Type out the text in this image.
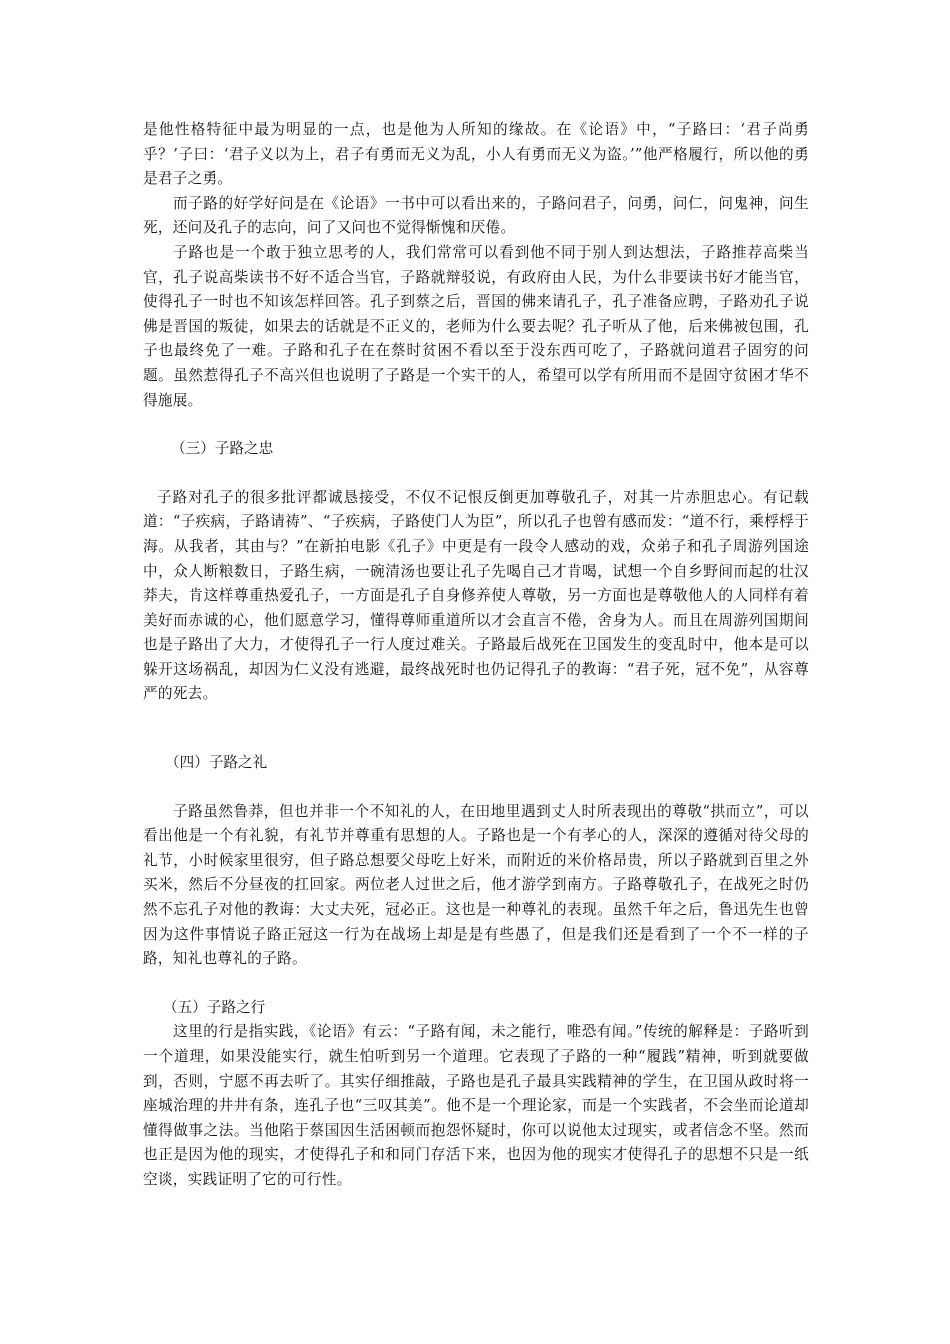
是他性格特征中最为明显的一点，也是他为人所知的缘故。在《论语》中，“子路曰：‘君子尚勇乎？’子曰：‘君子义以为上，君子有勇而无义为乱，小人有勇而无义为盗。’”他严格履行，所以他的勇是君子之勇。

而子路的好学好问是在《论语》一书中可以看出来的，子路问君子，问勇，问仁，问鬼神，问生死，还问及孔子的志向，问了又问也不觉得惭愧和厌倦。

子路也是一个敢于独立思考的人，我们常常可以看到他不同于别人到达想法，子路推荐高柴当官，孔子说高柴读书不好不适合当官，子路就辩驳说，有政府由人民，为什么非要读书好才能当官，使得孔子一时也不知该怎样回答。孔子到蔡之后，晋国的佛来请孔子，孔子准备应聘，子路劝孔子说佛是晋国的叛徒，如果去的话就是不正义的，老师为什么要去呢？孔子听从了他，后来佛被包围，孔子也最终免了一难。子路和孔子在在蔡时贫困不看以至于没东西可吃了，子路就问道君子固穷的问题。虽然惹得孔子不高兴但也说明了子路是一个实干的人，希望可以学有所用而不是固守贫困才华不得施展。

（三）子路之忠

子路对孔子的很多批评都诚恳接受，不仅不记恨反倒更加尊敬孔子，对其一片赤胆忠心。有记载道：“子疾病，子路请祷”、“子疾病，子路使门人为臣”，所以孔子也曾有感而发：“道不行，乘桴桴于海。从我者，其由与？”在新拍电影《孔子》中更是有一段令人感动的戏，众弟子和孔子周游列国途中，众人断粮数日，子路生病，一碗清汤也要让孔子先喝自己才肯喝，试想一个自乡野间而起的壮汉莽夫，肯这样尊重热爱孔子，一方面是孔子自身修养使人尊敬，另一方面也是尊敬他人的人同样有着美好而赤诚的心，他们愿意学习，懂得尊师重道所以才会直言不倦，舍身为人。而且在周游列国期间也是子路出了大力，才使得孔子一行人度过难关。子路最后战死在卫国发生的变乱时中，他本是可以躲开这场祸乱，却因为仁义没有逃避，最终战死时也仍记得孔子的教诲：“君子死，冠不免”，从容尊严的死去。

（四）子路之礼

子路虽然鲁莽，但也并非一个不知礼的人，在田地里遇到丈人时所表现出的尊敬“拱而立”，可以看出他是一个有礼貌，有礼节并尊重有思想的人。子路也是一个有孝心的人，深深的遵循对待父母的礼节，小时候家里很穷，但子路总想要父母吃上好米，而附近的米价格昂贵，所以子路就到百里之外买米，然后不分昼夜的扛回家。两位老人过世之后，他才游学到南方。子路尊敬孔子，在战死之时仍然不忘孔子对他的教诲：大丈夫死，冠必正。这也是一种尊礼的表现。虽然千年之后，鲁迅先生也曾因为这件事情说子路正冠这一行为在战场上却是是有些愚了，但是我们还是看到了一个不一样的子路，知礼也尊礼的子路。

（五）子路之行

这里的行是指实践，《论语》有云：“子路有闻，未之能行，唯恐有闻。”传统的解释是：子路听到一个道理，如果没能实行，就生怕听到另一个道理。它表现了子路的一种“履践”精神，听到就要做到，否则，宁愿不再去听了。其实仔细推敲，子路也是孔子最具实践精神的学生，在卫国从政时将一座城治理的井井有条，连孔子也“三叹其美”。他不是一个理论家，而是一个实践者，不会坐而论道却懂得做事之法。当他陷于蔡国因生活困顿而抱怨怀疑时，你可以说他太过现实，或者信念不坚。然而也正是因为他的现实，才使得孔子和和同门存活下来，也因为他的现实才使得孔子的思想不只是一纸空谈，实践证明了它的可行性。
